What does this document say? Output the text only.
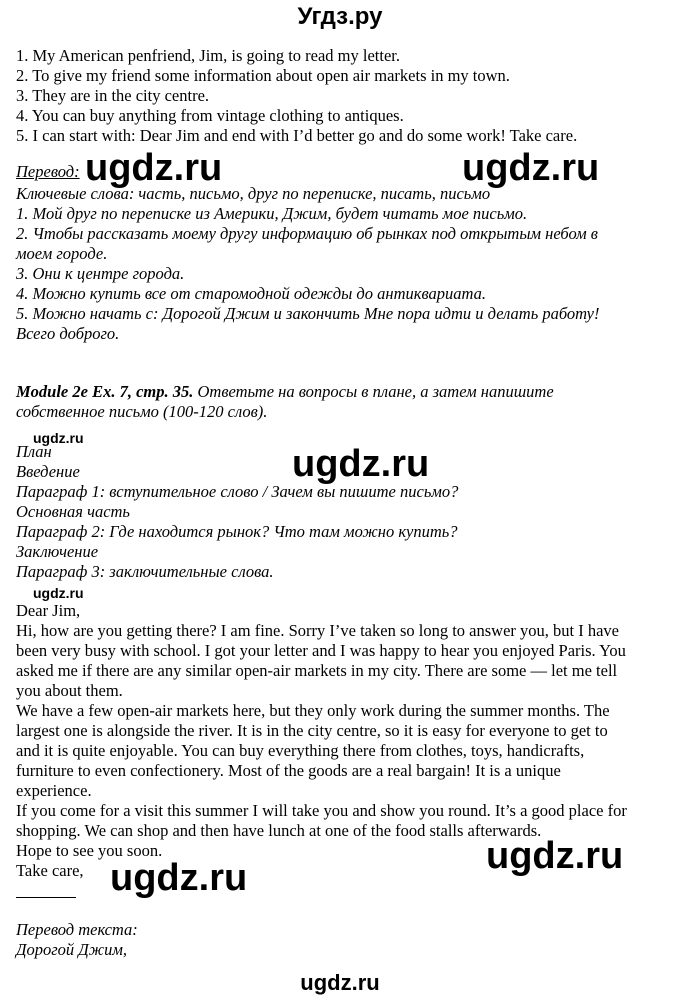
Угдз.ру
1. My American penfriend, Jim, is going to read my letter.
2. To give my friend some information about open air markets in my town.
3. They are in the city centre.
4. You can buy anything from vintage clothing to antiques.
5. I can start with: Dear Jim and end with I’d better go and do some work! Take care.
Перевод:
Ключевые слова: часть, письмо, друг по переписке, писать, письмо
1. Мой друг по переписке из Америки, Джим, будет читать мое письмо.
2. Чтобы рассказать моему другу информацию об рынках под открытым небом в
моем городе.
3. Они к центре города.
4. Можно купить все от старомодной одежды до антиквариата.
5. Можно начать с: Дорогой Джим и закончить Мне пора идти и делать работу!
Всего доброго.
Module 2e Ex. 7, стр. 35. Ответьте на вопросы в плане, а затем напишите
собственное письмо (100-120 слов).
План
Введение
Параграф 1: вступительное слово / Зачем вы пишите письмо?
Основная часть
Параграф 2: Где находится рынок? Что там можно купить?
Заключение
Параграф 3: заключительные слова.
Dear Jim,
Hi, how are you getting there? I am fine. Sorry I’ve taken so long to answer you, but I have
been very busy with school. I got your letter and I was happy to hear you enjoyed Paris. You
asked me if there are any similar open-air markets in my city. There are some — let me tell
you about them.
We have a few open-air markets here, but they only work during the summer months. The
largest one is alongside the river. It is in the city centre, so it is easy for everyone to get to
and it is quite enjoyable. You can buy everything there from clothes, toys, handicrafts,
furniture to even confectionery. Most of the goods are a real bargain! It is a unique
experience.
If you come for a visit this summer I will take you and show you round. It’s a good place for
shopping. We can shop and then have lunch at one of the food stalls afterwards.
Hope to see you soon.
Take care,
Перевод текста:
Дорогой Джим,
ugdz.ru	ugdz.ru
ugdz.ru
ugdz.ru
ugdz.ru
ugdz.ru
ugdz.ru
ugdz.ru
